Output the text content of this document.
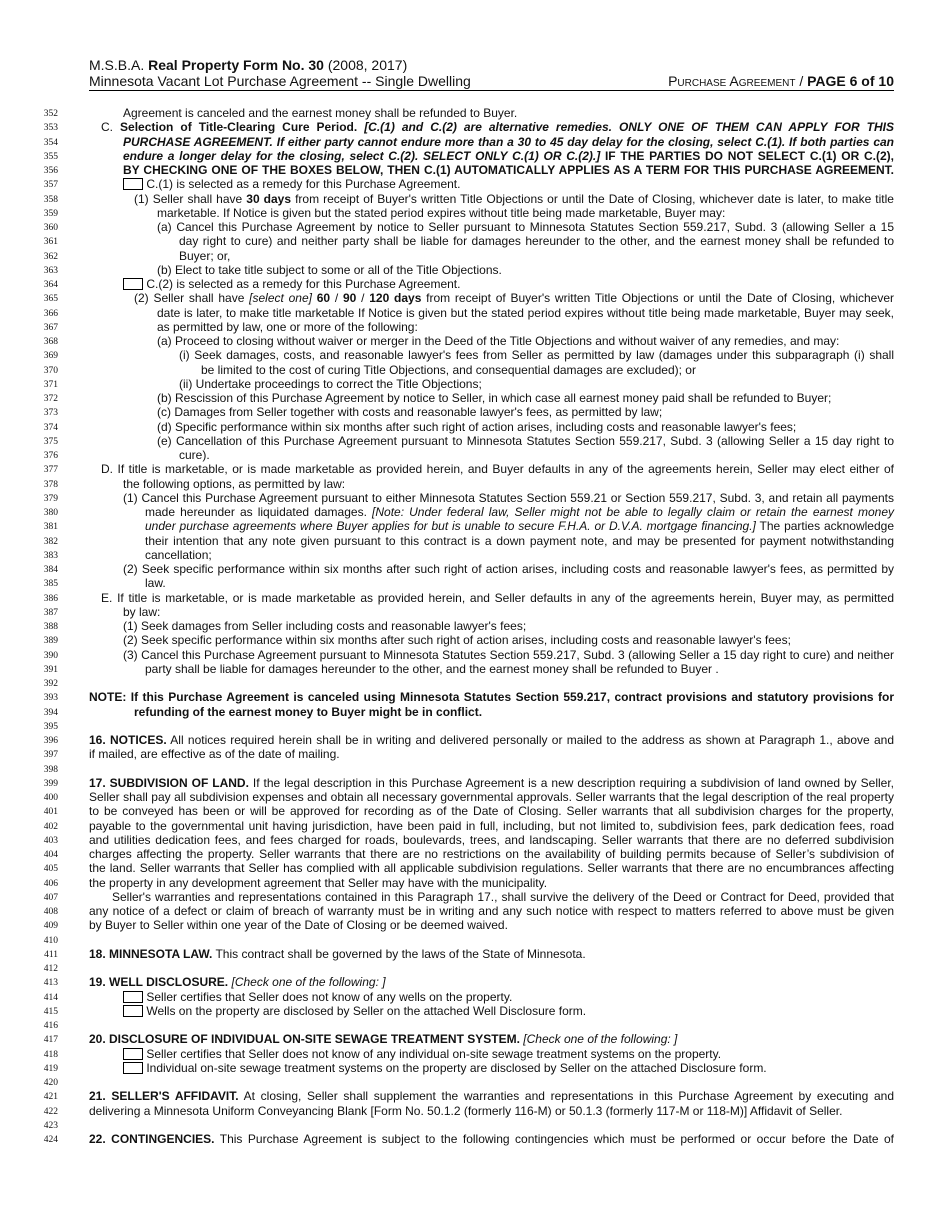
M.S.B.A. Real Property Form No. 30 (2008, 2017)
Minnesota Vacant Lot Purchase Agreement -- Single Dwelling	Purchase Agreement / PAGE 6 of 10
352	Agreement is canceled and the earnest money shall be refunded to Buyer.
353	C. Selection of Title-Clearing Cure Period. [C.(1) and C.(2) are alternative remedies. ONLY ONE OF THEM CAN APPLY FOR THIS
354	PURCHASE AGREEMENT. If either party cannot endure more than a 30 to 45 day delay for the closing, select C.(1). If both parties can
355	endure a longer delay for the closing, select C.(2). SELECT ONLY C.(1) OR C.(2).] IF THE PARTIES DO NOT SELECT C.(1) OR C.(2),
356	BY CHECKING ONE OF THE BOXES BELOW, THEN C.(1) AUTOMATICALLY APPLIES AS A TERM FOR THIS PURCHASE AGREEMENT.
357	C.(1) is selected as a remedy for this Purchase Agreement.
358	(1) Seller shall have 30 days from receipt of Buyer's written Title Objections or until the Date of Closing, whichever date is later, to make title
359	marketable. If Notice is given but the stated period expires without title being made marketable, Buyer may:
360	(a) Cancel this Purchase Agreement by notice to Seller pursuant to Minnesota Statutes Section 559.217, Subd. 3 (allowing Seller a 15
361	day right to cure) and neither party shall be liable for damages hereunder to the other, and the earnest money shall be refunded to
362	Buyer; or,
363	(b) Elect to take title subject to some or all of the Title Objections.
364	C.(2) is selected as a remedy for this Purchase Agreement.
365	(2) Seller shall have [select one] 60 / 90 / 120 days from receipt of Buyer's written Title Objections or until the Date of Closing, whichever
366	date is later, to make title marketable If Notice is given but the stated period expires without title being made marketable, Buyer may seek,
367	as permitted by law, one or more of the following:
368	(a) Proceed to closing without waiver or merger in the Deed of the Title Objections and without waiver of any remedies, and may:
369	(i) Seek damages, costs, and reasonable lawyer's fees from Seller as permitted by law (damages under this subparagraph (i) shall
370	be limited to the cost of curing Title Objections, and consequential damages are excluded); or
371	(ii) Undertake proceedings to correct the Title Objections;
372	(b) Rescission of this Purchase Agreement by notice to Seller, in which case all earnest money paid shall be refunded to Buyer;
373	(c) Damages from Seller together with costs and reasonable lawyer's fees, as permitted by law;
374	(d) Specific performance within six months after such right of action arises, including costs and reasonable lawyer's fees;
375	(e) Cancellation of this Purchase Agreement pursuant to Minnesota Statutes Section 559.217, Subd. 3 (allowing Seller a 15 day right to
376	cure).
377	D. If title is marketable, or is made marketable as provided herein, and Buyer defaults in any of the agreements herein, Seller may elect either of
378	the following options, as permitted by law:
379	(1) Cancel this Purchase Agreement pursuant to either Minnesota Statutes Section 559.21 or Section 559.217, Subd. 3, and retain all payments
380	made hereunder as liquidated damages. [Note: Under federal law, Seller might not be able to legally claim or retain the earnest money
381	under purchase agreements where Buyer applies for but is unable to secure F.H.A. or D.V.A. mortgage financing.] The parties acknowledge
382	their intention that any note given pursuant to this contract is a down payment note, and may be presented for payment notwithstanding
383	cancellation;
384	(2) Seek specific performance within six months after such right of action arises, including costs and reasonable lawyer's fees, as permitted by
385	law.
386	E. If title is marketable, or is made marketable as provided herein, and Seller defaults in any of the agreements herein, Buyer may, as permitted
387	by law:
388	(1) Seek damages from Seller including costs and reasonable lawyer's fees;
389	(2) Seek specific performance within six months after such right of action arises, including costs and reasonable lawyer's fees;
390	(3) Cancel this Purchase Agreement pursuant to Minnesota Statutes Section 559.217, Subd. 3 (allowing Seller a 15 day right to cure) and neither
391	party shall be liable for damages hereunder to the other, and the earnest money shall be refunded to Buyer .
392
393	NOTE: If this Purchase Agreement is canceled using Minnesota Statutes Section 559.217, contract provisions and statutory provisions for
394	refunding of the earnest money to Buyer might be in conflict.
395
396	16. NOTICES. All notices required herein shall be in writing and delivered personally or mailed to the address as shown at Paragraph 1., above and
397	if mailed, are effective as of the date of mailing.
398
399	17. SUBDIVISION OF LAND. If the legal description in this Purchase Agreement is a new description requiring a subdivision of land owned by Seller,
400	Seller shall pay all subdivision expenses and obtain all necessary governmental approvals. Seller warrants that the legal description of the real property
401	to be conveyed has been or will be approved for recording as of the Date of Closing. Seller warrants that all subdivision charges for the property,
402	payable to the governmental unit having jurisdiction, have been paid in full, including, but not limited to, subdivision fees, park dedication fees, road
403	and utilities dedication fees, and fees charged for roads, boulevards, trees, and landscaping. Seller warrants that there are no deferred subdivision
404	charges affecting the property. Seller warrants that there are no restrictions on the availability of building permits because of Seller’s subdivision of
405	the land. Seller warrants that Seller has complied with all applicable subdivision regulations. Seller warrants that there are no encumbrances affecting
406	the property in any development agreement that Seller may have with the municipality.
407	Seller's warranties and representations contained in this Paragraph 17., shall survive the delivery of the Deed or Contract for Deed, provided that
408	any notice of a defect or claim of breach of warranty must be in writing and any such notice with respect to matters referred to above must be given
409	by Buyer to Seller within one year of the Date of Closing or be deemed waived.
410
411	18. MINNESOTA LAW. This contract shall be governed by the laws of the State of Minnesota.
412
413	19. WELL DISCLOSURE. [Check one of the following: ]
414	Seller certifies that Seller does not know of any wells on the property.
415	Wells on the property are disclosed by Seller on the attached Well Disclosure form.
416
417	20. DISCLOSURE OF INDIVIDUAL ON-SITE SEWAGE TREATMENT SYSTEM. [Check one of the following: ]
418	Seller certifies that Seller does not know of any individual on-site sewage treatment systems on the property.
419	Individual on-site sewage treatment systems on the property are disclosed by Seller on the attached Disclosure form.
420
421	21. SELLER'S AFFIDAVIT. At closing, Seller shall supplement the warranties and representations in this Purchase Agreement by executing and
422	delivering a Minnesota Uniform Conveyancing Blank [Form No. 50.1.2 (formerly 116-M) or 50.1.3 (formerly 117-M or 118-M)] Affidavit of Seller.
423
424	22. CONTINGENCIES. This Purchase Agreement is subject to the following contingencies which must be performed or occur before the Date of
